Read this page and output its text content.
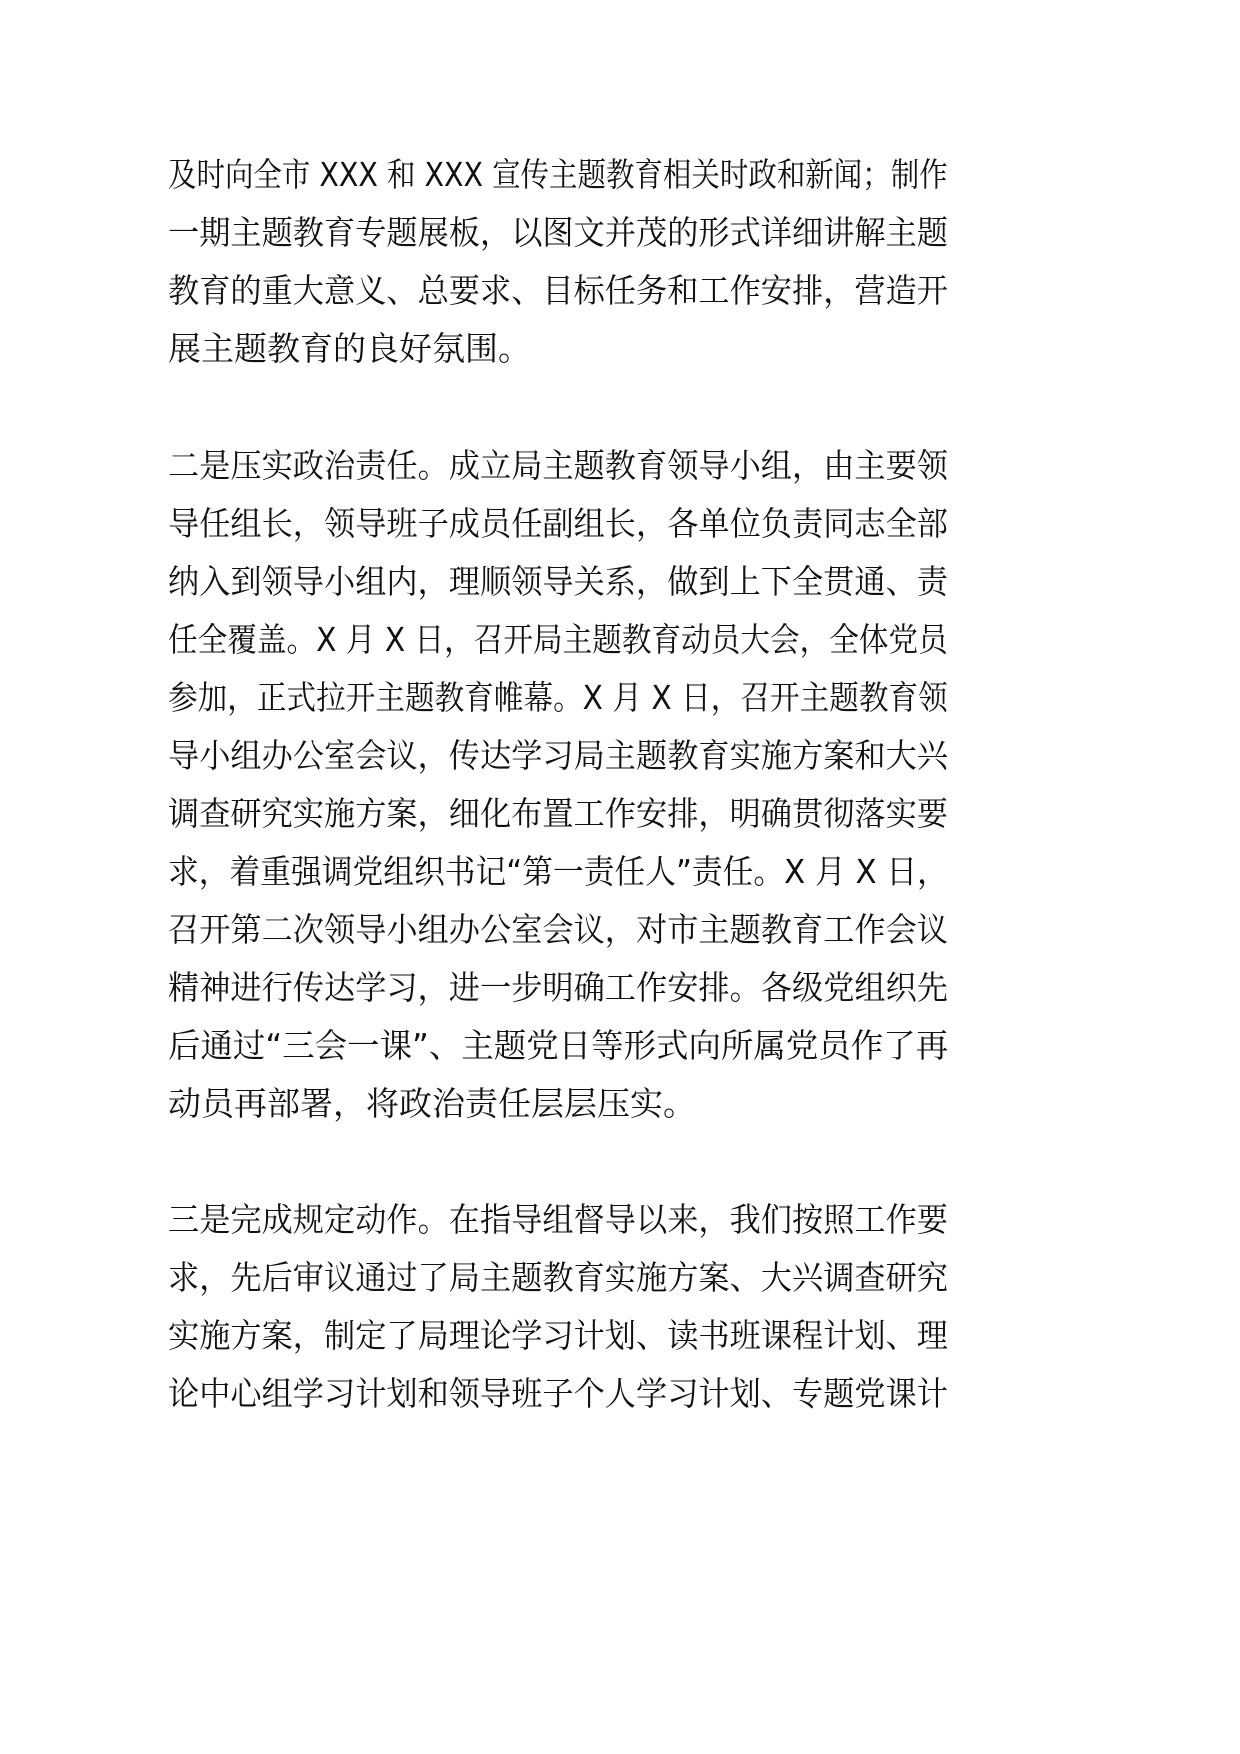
及时向全市 XXX 和 XXX 宣传主题教育相关时政和新闻；制作
一期主题教育专题展板，以图文并茂的形式详细讲解主题
教育的重大意义、总要求、目标任务和工作安排，营造开
展主题教育的良好氛围。
二是压实政治责任。成立局主题教育领导小组，由主要领
导任组长，领导班子成员任副组长，各单位负责同志全部
纳入到领导小组内，理顺领导关系，做到上下全贯通、责
任全覆盖。X 月 X 日，召开局主题教育动员大会，全体党员
参加，正式拉开主题教育帷幕。X 月 X 日，召开主题教育领
导小组办公室会议，传达学习局主题教育实施方案和大兴
调查研究实施方案，细化布置工作安排，明确贯彻落实要
求，着重强调党组织书记“第一责任人”责任。X 月 X 日，
召开第二次领导小组办公室会议，对市主题教育工作会议
精神进行传达学习，进一步明确工作安排。各级党组织先
后通过“三会一课”、主题党日等形式向所属党员作了再
动员再部署，将政治责任层层压实。
三是完成规定动作。在指导组督导以来，我们按照工作要
求，先后审议通过了局主题教育实施方案、大兴调查研究
实施方案，制定了局理论学习计划、读书班课程计划、理
论中心组学习计划和领导班子个人学习计划、专题党课计
